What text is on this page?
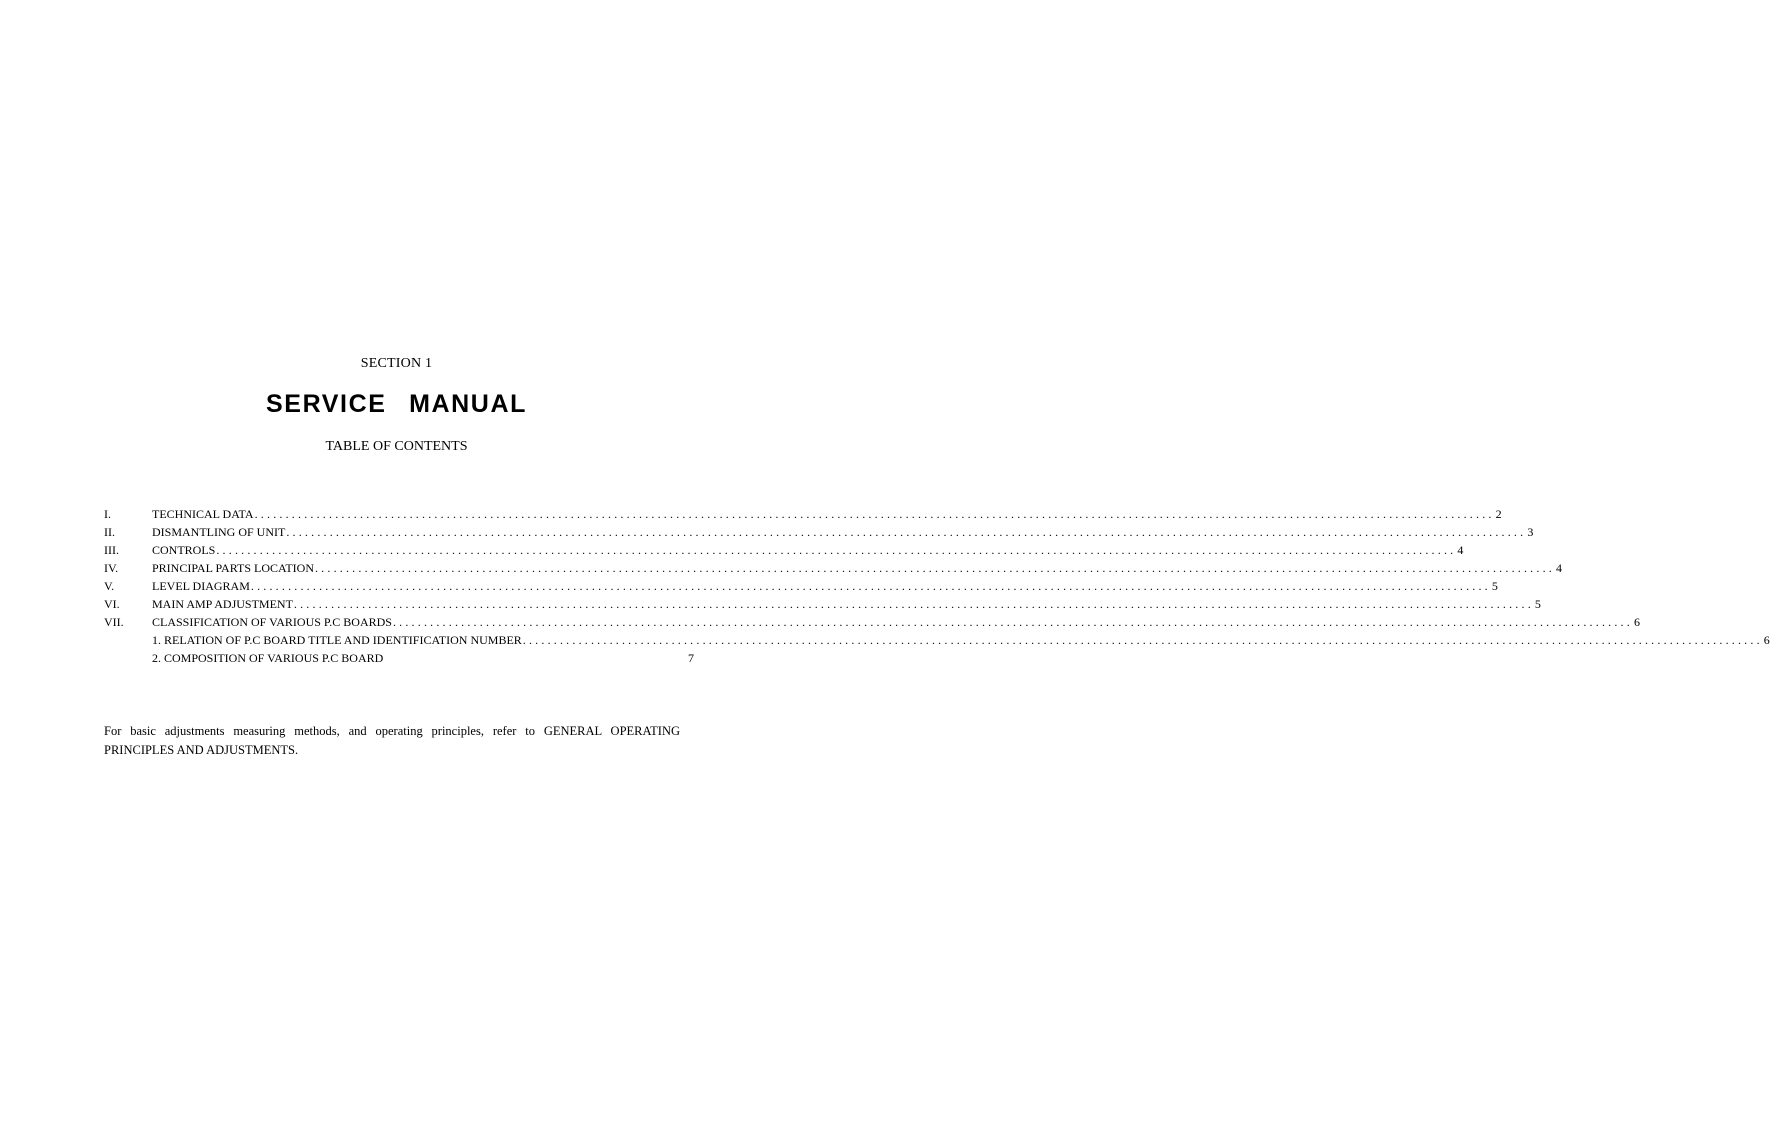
SECTION 1
SERVICE MANUAL
TABLE OF CONTENTS
I.	TECHNICAL DATA ........................................................................................................................................................................................................ 2
II.	DISMANTLING OF UNIT ........................................................................................................................................................................................................ 3
III.	CONTROLS ........................................................................................................................................................................................................ 4
IV.	PRINCIPAL PARTS LOCATION ........................................................................................................................................................................................................ 4
V.	LEVEL DIAGRAM ........................................................................................................................................................................................................ 5
VI.	MAIN AMP ADJUSTMENT ........................................................................................................................................................................................................ 5
VII.	CLASSIFICATION OF VARIOUS P.C BOARDS ........................................................................................................................................................................................................ 6
1. RELATION OF P.C BOARD TITLE AND IDENTIFICATION NUMBER ........................................................................................................................................................................................................ 6
2. COMPOSITION OF VARIOUS P.C BOARD	7
For basic adjustments measuring methods, and operating principles, refer to GENERAL OPERATING PRINCIPLES AND ADJUSTMENTS.
